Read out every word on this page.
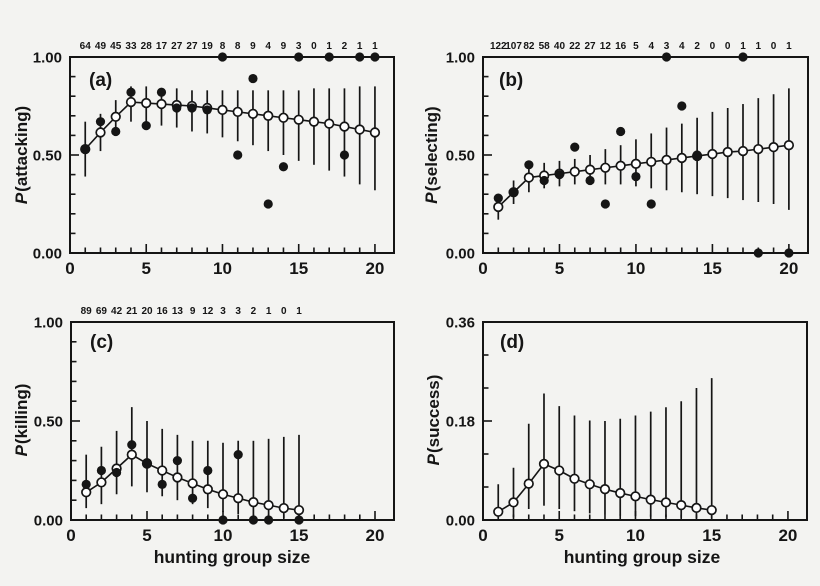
1.00
0.50
0.00
0	5	10	15	20
64 49 45 33 28 17 27 27 19 8 8 9 4 9 3 0 1 2 1 1
1.00
0.50
0.00
0	5	10	15	20
122
107 82 58 40 22 27 12 16 5 4 3 4 2 0 0 1 1 0 1
1.00
0.50
0.00
0	5	10	15	20
89 69 42 21 20 16 13 9 12 3 3 2 1 0 1
0.36
0.18
0.00
0	5	10	15	20
(a)	(b)
(c)	(d)
P(attacking)
P(selecting)
P(killing)
P(success)
hunting group size	hunting group size
